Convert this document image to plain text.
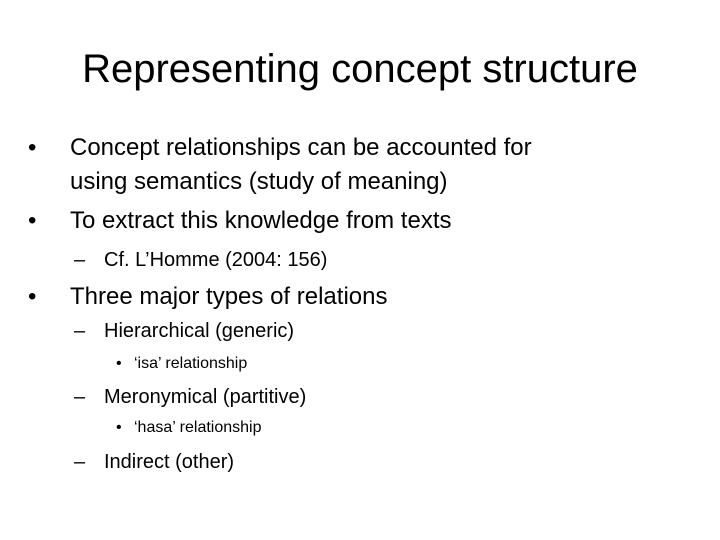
Representing concept structure
• Concept relationships can be accounted for
using semantics (study of meaning)
• To extract this knowledge from texts
– Cf. L’Homme (2004: 156)
• Three major types of relations
– Hierarchical (generic)
• ‘isa’ relationship
– Meronymical (partitive)
• ‘hasa’ relationship
– Indirect (other)
